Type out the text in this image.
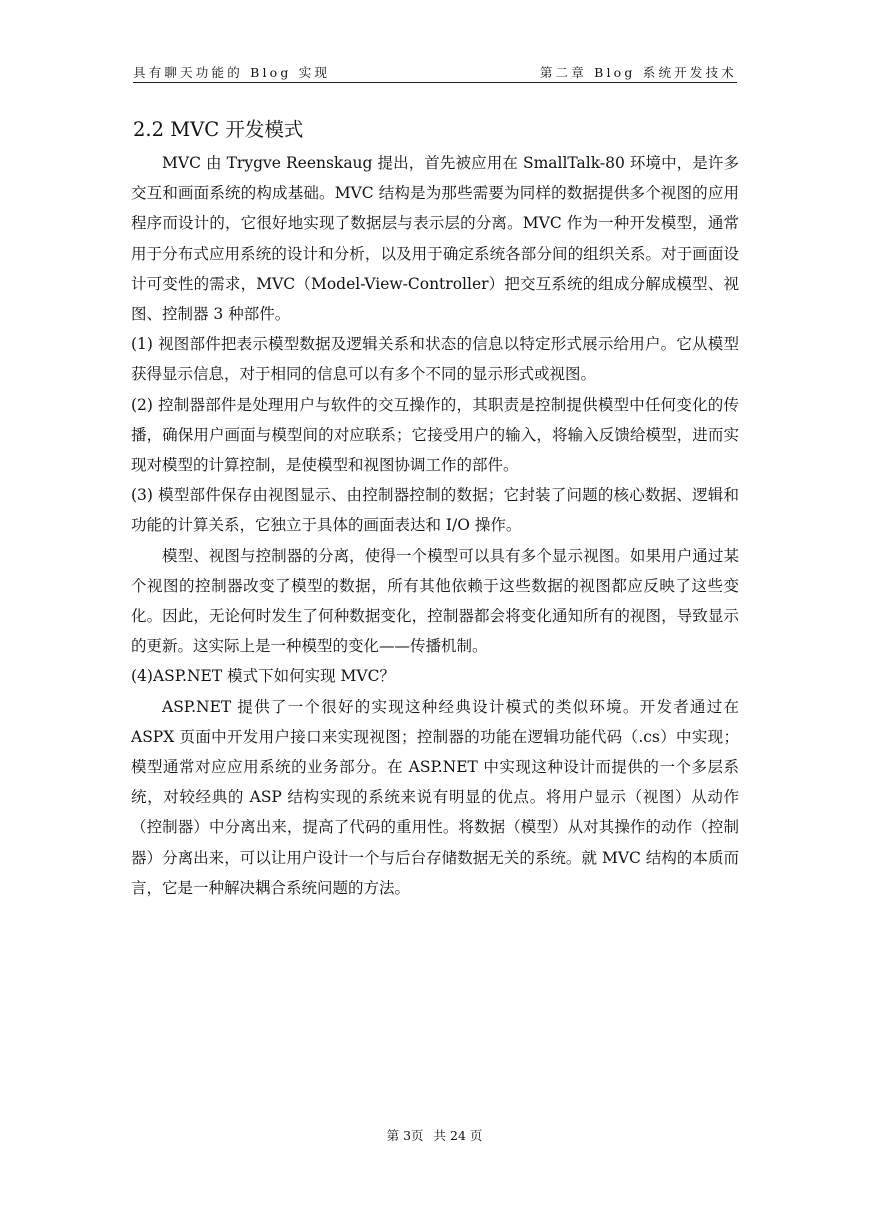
具有聊天功能的 Blog 实现	第二章 Blog 系统开发技术
2.2 MVC 开发模式

MVC 由 Trygve Reenskaug 提出，首先被应用在 SmallTalk-80 环境中，是许多交互和画面系统的构成基础。MVC 结构是为那些需要为同样的数据提供多个视图的应用程序而设计的，它很好地实现了数据层与表示层的分离。MVC 作为一种开发模型，通常用于分布式应用系统的设计和分析，以及用于确定系统各部分间的组织关系。对于画面设计可变性的需求，MVC（Model-View-Controller）把交互系统的组成分解成模型、视图、控制器 3 种部件。

(1) 视图部件把表示模型数据及逻辑关系和状态的信息以特定形式展示给用户。它从模型获得显示信息，对于相同的信息可以有多个不同的显示形式或视图。

(2) 控制器部件是处理用户与软件的交互操作的，其职责是控制提供模型中任何变化的传播，确保用户画面与模型间的对应联系；它接受用户的输入，将输入反馈给模型，进而实现对模型的计算控制，是使模型和视图协调工作的部件。

(3) 模型部件保存由视图显示、由控制器控制的数据；它封装了问题的核心数据、逻辑和功能的计算关系，它独立于具体的画面表达和 I/O 操作。

模型、视图与控制器的分离，使得一个模型可以具有多个显示视图。如果用户通过某个视图的控制器改变了模型的数据，所有其他依赖于这些数据的视图都应反映了这些变化。因此，无论何时发生了何种数据变化，控制器都会将变化通知所有的视图，导致显示的更新。这实际上是一种模型的变化——传播机制。

(4)ASP.NET 模式下如何实现 MVC？

ASP.NET 提供了一个很好的实现这种经典设计模式的类似环境。开发者通过在 ASPX 页面中开发用户接口来实现视图；控制器的功能在逻辑功能代码（.cs）中实现；模型通常对应应用系统的业务部分。在 ASP.NET 中实现这种设计而提供的一个多层系统，对较经典的 ASP 结构实现的系统来说有明显的优点。将用户显示（视图）从动作（控制器）中分离出来，提高了代码的重用性。将数据（模型）从对其操作的动作（控制器）分离出来，可以让用户设计一个与后台存储数据无关的系统。就 MVC 结构的本质而言，它是一种解决耦合系统问题的方法。

第 3页 共 24 页
